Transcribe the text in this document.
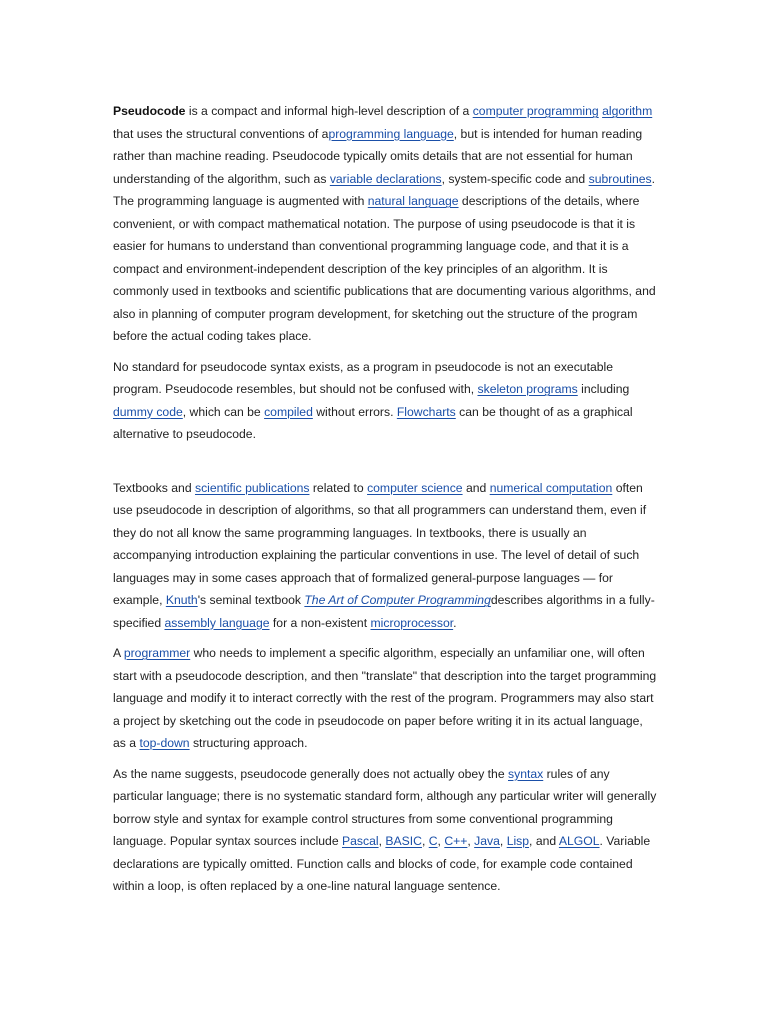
Pseudocode is a compact and informal high-level description of a computer programming algorithm that uses the structural conventions of aprogramming language, but is intended for human reading rather than machine reading. Pseudocode typically omits details that are not essential for human understanding of the algorithm, such as variable declarations, system-specific code and subroutines. The programming language is augmented with natural language descriptions of the details, where convenient, or with compact mathematical notation. The purpose of using pseudocode is that it is easier for humans to understand than conventional programming language code, and that it is a compact and environment-independent description of the key principles of an algorithm. It is commonly used in textbooks and scientific publications that are documenting various algorithms, and also in planning of computer program development, for sketching out the structure of the program before the actual coding takes place.

No standard for pseudocode syntax exists, as a program in pseudocode is not an executable program. Pseudocode resembles, but should not be confused with, skeleton programs including dummy code, which can be compiled without errors. Flowcharts can be thought of as a graphical alternative to pseudocode.

Textbooks and scientific publications related to computer science and numerical computation often use pseudocode in description of algorithms, so that all programmers can understand them, even if they do not all know the same programming languages. In textbooks, there is usually an accompanying introduction explaining the particular conventions in use. The level of detail of such languages may in some cases approach that of formalized general-purpose languages — for example, Knuth's seminal textbook The Art of Computer Programmingdescribes algorithms in a fully-specified assembly language for a non-existent microprocessor.

A programmer who needs to implement a specific algorithm, especially an unfamiliar one, will often start with a pseudocode description, and then "translate" that description into the target programming language and modify it to interact correctly with the rest of the program. Programmers may also start a project by sketching out the code in pseudocode on paper before writing it in its actual language, as a top-down structuring approach.

As the name suggests, pseudocode generally does not actually obey the syntax rules of any particular language; there is no systematic standard form, although any particular writer will generally borrow style and syntax for example control structures from some conventional programming language. Popular syntax sources include Pascal, BASIC, C, C++, Java, Lisp, and ALGOL. Variable declarations are typically omitted. Function calls and blocks of code, for example code contained within a loop, is often replaced by a one-line natural language sentence.
